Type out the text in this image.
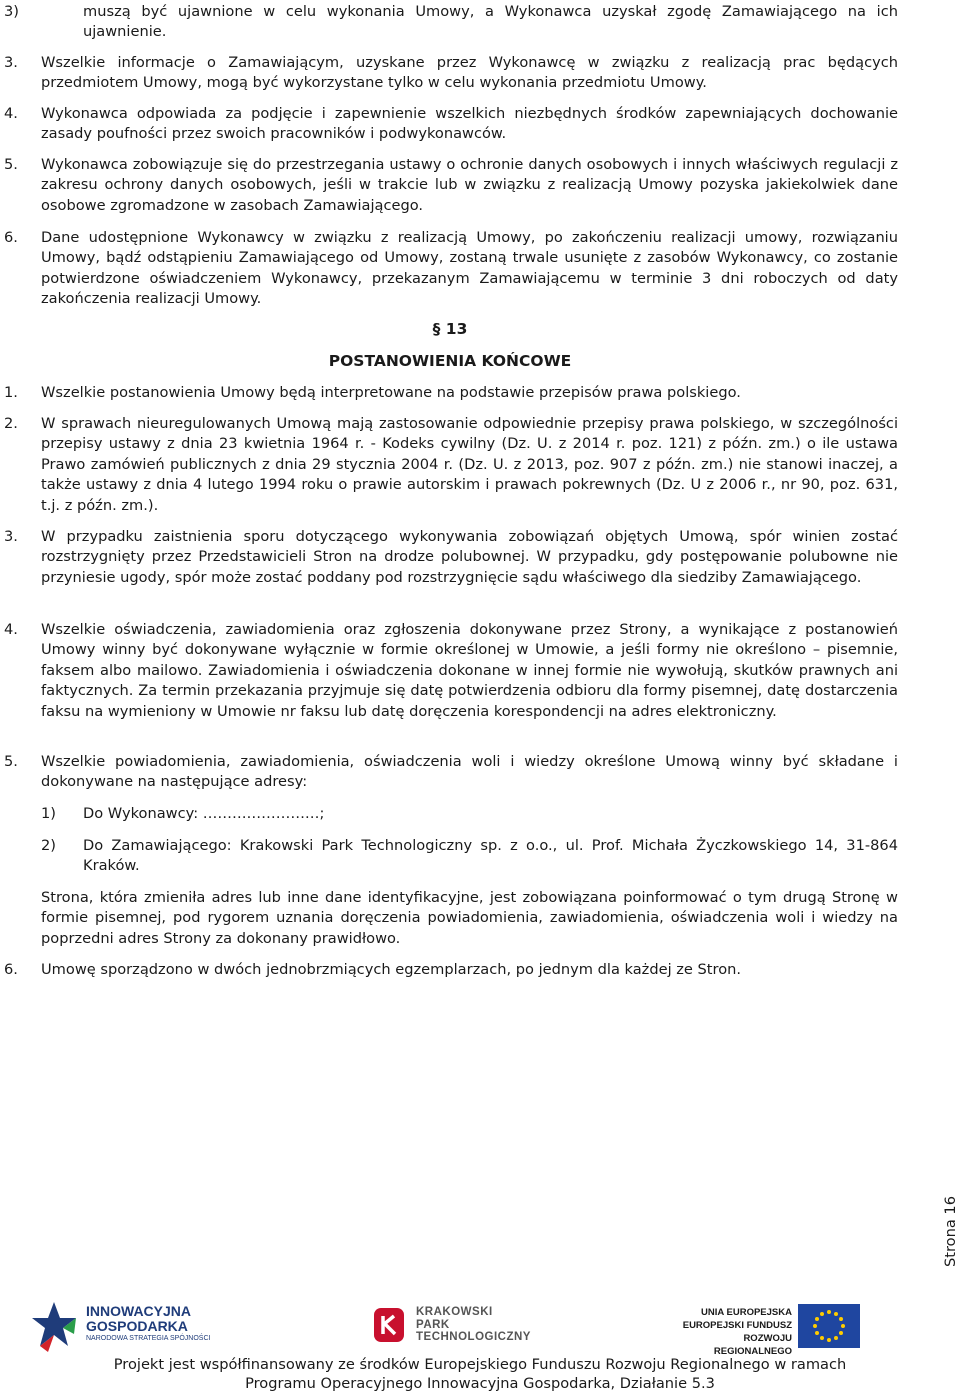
3)	muszą być ujawnione w celu wykonania Umowy, a Wykonawca uzyskał zgodę Zamawiającego na ich ujawnienie.
3. Wszelkie informacje o Zamawiającym, uzyskane przez Wykonawcę w związku z realizacją prac będących przedmiotem Umowy, mogą być wykorzystane tylko w celu wykonania przedmiotu Umowy.
4. Wykonawca odpowiada za podjęcie i zapewnienie wszelkich niezbędnych środków zapewniających dochowanie zasady poufności przez swoich pracowników i podwykonawców.
5. Wykonawca zobowiązuje się do przestrzegania ustawy o ochronie danych osobowych i innych właściwych regulacji z zakresu ochrony danych osobowych, jeśli w trakcie lub w związku z realizacją Umowy pozyska jakiekolwiek dane osobowe zgromadzone w zasobach Zamawiającego.
6. Dane udostępnione Wykonawcy w związku z realizacją Umowy, po zakończeniu realizacji umowy, rozwiązaniu Umowy, bądź odstąpieniu Zamawiającego od Umowy, zostaną trwale usunięte z zasobów Wykonawcy, co zostanie potwierdzone oświadczeniem Wykonawcy, przekazanym Zamawiającemu w terminie 3 dni roboczych od daty zakończenia realizacji Umowy.
§ 13
POSTANOWIENIA KOŃCOWE
1. Wszelkie postanowienia Umowy będą interpretowane na podstawie przepisów prawa polskiego.
2. W sprawach nieuregulowanych Umową mają zastosowanie odpowiednie przepisy prawa polskiego, w szczególności przepisy ustawy z dnia 23 kwietnia 1964 r. - Kodeks cywilny (Dz. U. z 2014 r. poz. 121) z późn. zm.) o ile ustawa Prawo zamówień publicznych z dnia 29 stycznia 2004 r. (Dz. U. z 2013, poz. 907 z późn. zm.) nie stanowi inaczej, a także ustawy z dnia 4 lutego 1994 roku o prawie autorskim i prawach pokrewnych (Dz. U z 2006 r., nr 90, poz. 631, t.j. z późn. zm.).
3. W przypadku zaistnienia sporu dotyczącego wykonywania zobowiązań objętych Umową, spór winien zostać rozstrzygnięty przez Przedstawicieli Stron na drodze polubownej. W przypadku, gdy postępowanie polubowne nie przyniesie ugody, spór może zostać poddany pod rozstrzygnięcie sądu właściwego dla siedziby Zamawiającego.
4. Wszelkie oświadczenia, zawiadomienia oraz zgłoszenia dokonywane przez Strony, a wynikające z postanowień Umowy winny być dokonywane wyłącznie w formie określonej w Umowie, a jeśli formy nie określono – pisemnie, faksem albo mailowo. Zawiadomienia i oświadczenia dokonane w innej formie nie wywołują, skutków prawnych ani faktycznych. Za termin przekazania przyjmuje się datę potwierdzenia odbioru dla formy pisemnej, datę dostarczenia faksu na wymieniony w Umowie nr faksu lub datę doręczenia korespondencji na adres elektroniczny.
5. Wszelkie powiadomienia, zawiadomienia, oświadczenia woli i wiedzy określone Umową winny być składane i dokonywane na następujące adresy:
1) Do Wykonawcy: ……………………;
2) Do Zamawiającego: Krakowski Park Technologiczny sp. z o.o., ul. Prof. Michała Życzkowskiego 14, 31-864 Kraków.
Strona, która zmieniła adres lub inne dane identyfikacyjne, jest zobowiązana poinformować o tym drugą Stronę w formie pisemnej, pod rygorem uznania doręczenia powiadomienia, zawiadomienia, oświadczenia woli i wiedzy na poprzedni adres Strony za dokonany prawidłowo.
6. Umowę sporządzono w dwóch jednobrzmiących egzemplarzach, po jednym dla każdej ze Stron.
Strona 16
INNOWACYJNA
GOSPODARKA
NARODOWA STRATEGIA SPÓJNOŚCI
KRAKOWSKI
PARK
TECHNOLOGICZNY
UNIA EUROPEJSKA
EUROPEJSKI FUNDUSZ
ROZWOJU REGIONALNEGO
Projekt jest współfinansowany ze środków Europejskiego Funduszu Rozwoju Regionalnego w ramach
Programu Operacyjnego Innowacyjna Gospodarka, Działanie 5.3
